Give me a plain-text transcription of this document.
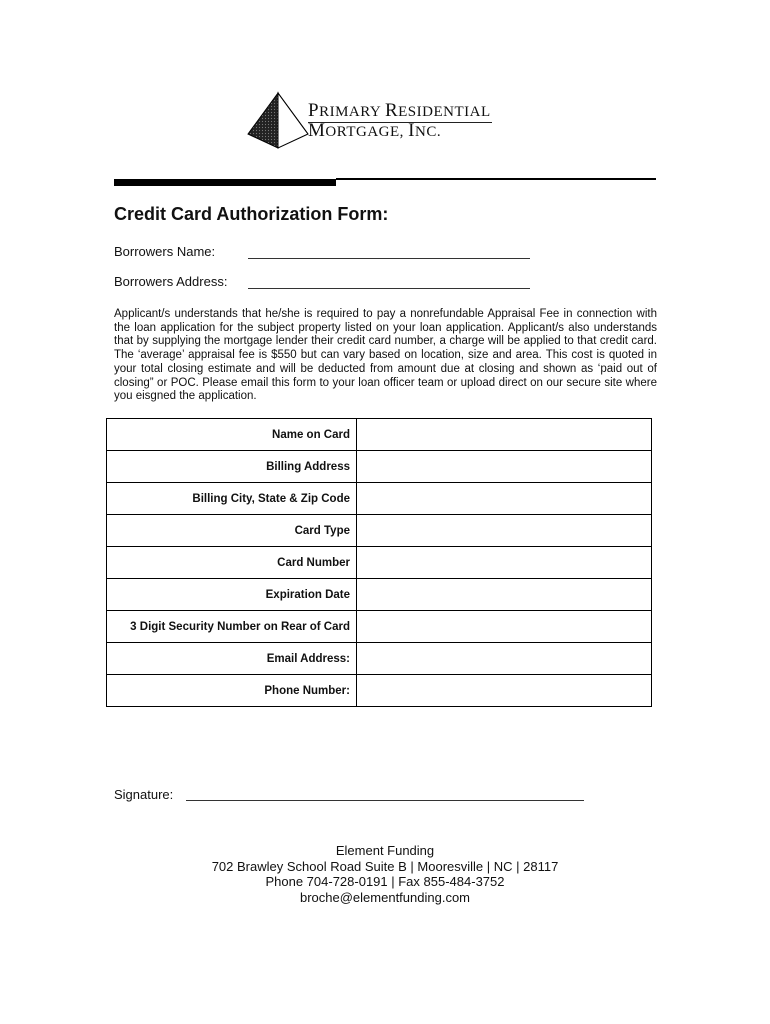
PRIMARY RESIDENTIAL
MORTGAGE, INC.
Credit Card Authorization Form:
Borrowers Name:
Borrowers Address:
Applicant/s understands that he/she is required to pay a nonrefundable Appraisal Fee in connection with the loan application for the subject property listed on your loan application. Applicant/s also understands that by supplying the mortgage lender their credit card number, a charge will be applied to that credit card. The ‘average’ appraisal fee is $550 but can vary based on location, size and area. This cost is quoted in your total closing estimate and will be deducted from amount due at closing and shown as ‘paid out of closing” or POC. Please email this form to your loan officer team or upload direct on our secure site where you eisgned the application.
Name on Card	
Billing Address	
Billing City, State & Zip Code	
Card Type	
Card Number	
Expiration Date	
3 Digit Security Number on Rear of Card	
Email Address:	
Phone Number:	
Signature:
Element Funding
702 Brawley School Road Suite B | Mooresville | NC | 28117
Phone 704-728-0191 | Fax 855-484-3752
broche@elementfunding.com
